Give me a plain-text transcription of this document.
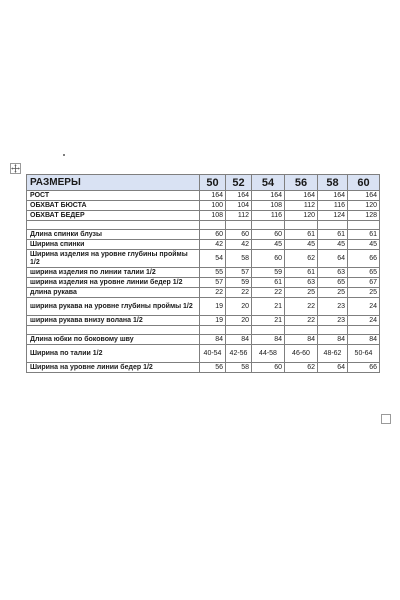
РАЗМЕРЫ	50	52	54	56	58	60
РОСТ	164	164	164	164	164	164
ОБХВАТ БЮСТА	100	104	108	112	116	120
ОБХВАТ БЕДЕР	108	112	116	120	124	128

Длина спинки блузы	60	60	60	61	61	61
Ширина спинки	42	42	45	45	45	45
Ширина изделия на уровне глубины проймы 1/2	54	58	60	62	64	66
ширина изделия по линии талии 1/2	55	57	59	61	63	65
ширина изделия на уровне линии бедер 1/2	57	59	61	63	65	67
длина рукава	22	22	22	25	25	25
ширина рукава на уровне глубины проймы 1/2	19	20	21	22	23	24
ширина рукава внизу волана 1/2	19	20	21	22	23	24

Длина юбки по боковому шву	84	84	84	84	84	84
Ширина по талии 1/2	40-54	42-56	44-58	46-60	48-62	50-64
Ширина на уровне линии бедер 1/2	56	58	60	62	64	66
